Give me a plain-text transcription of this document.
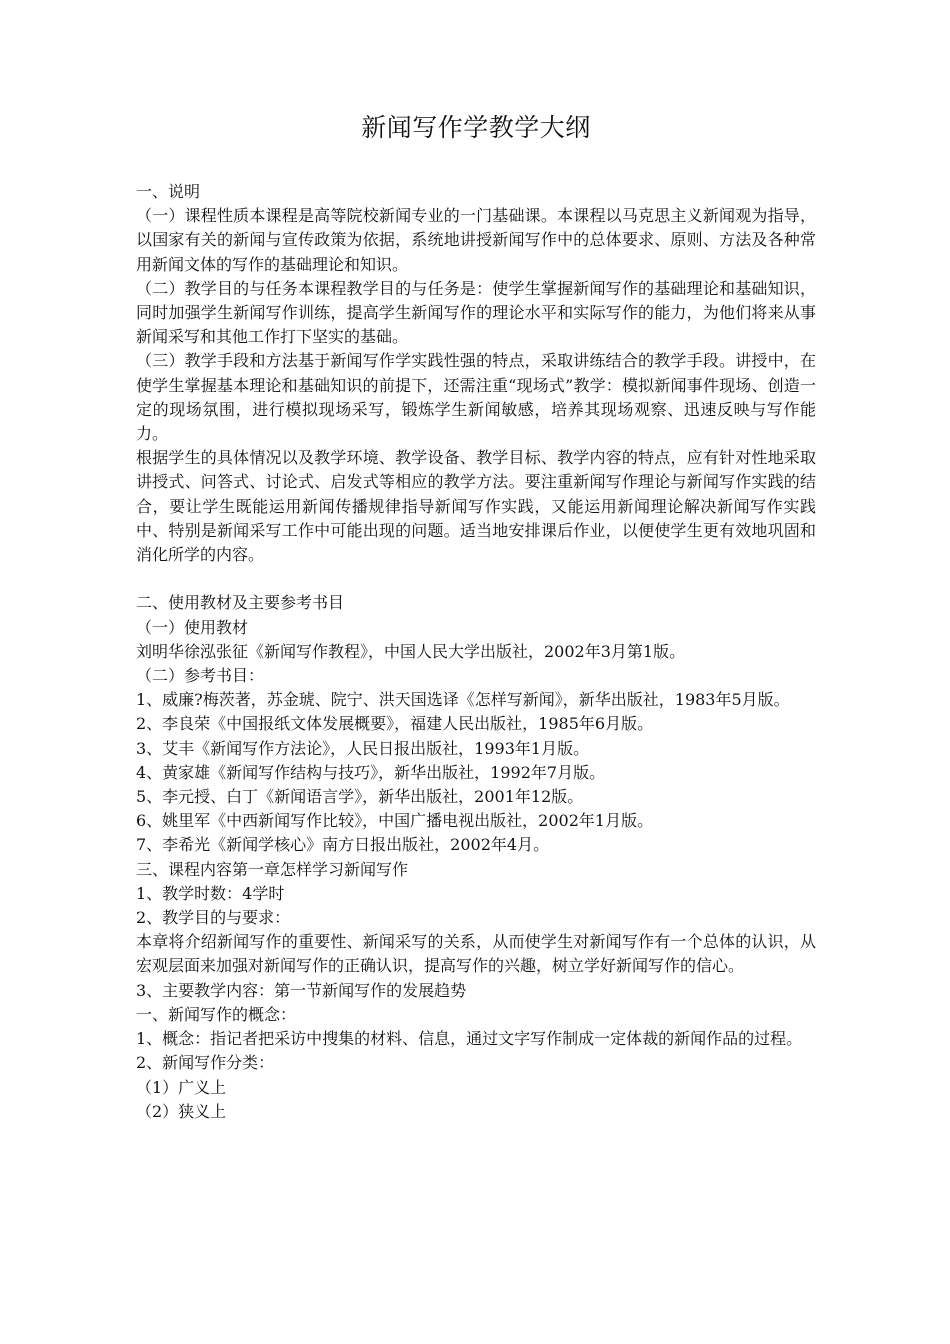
新闻写作学教学大纲

一、说明

（一）课程性质本课程是高等院校新闻专业的一门基础课。本课程以马克思主义新闻观为指导，以国家有关的新闻与宣传政策为依据，系统地讲授新闻写作中的总体要求、原则、方法及各种常用新闻文体的写作的基础理论和知识。

（二）教学目的与任务本课程教学目的与任务是：使学生掌握新闻写作的基础理论和基础知识，同时加强学生新闻写作训练，提高学生新闻写作的理论水平和实际写作的能力，为他们将来从事新闻采写和其他工作打下坚实的基础。

（三）教学手段和方法基于新闻写作学实践性强的特点，采取讲练结合的教学手段。讲授中，在使学生掌握基本理论和基础知识的前提下，还需注重“现场式”教学：模拟新闻事件现场、创造一定的现场氛围，进行模拟现场采写，锻炼学生新闻敏感，培养其现场观察、迅速反映与写作能力。

根据学生的具体情况以及教学环境、教学设备、教学目标、教学内容的特点，应有针对性地采取讲授式、问答式、讨论式、启发式等相应的教学方法。要注重新闻写作理论与新闻写作实践的结合，要让学生既能运用新闻传播规律指导新闻写作实践，又能运用新闻理论解决新闻写作实践中、特别是新闻采写工作中可能出现的问题。适当地安排课后作业，以便使学生更有效地巩固和消化所学的内容。

二、使用教材及主要参考书目

（一）使用教材

刘明华徐泓张征《新闻写作教程》，中国人民大学出版社，2002年3月第1版。

（二）参考书目：

1、威廉?梅茨著，苏金琥、院宁、洪天国选译《怎样写新闻》，新华出版社，1983年5月版。

2、李良荣《中国报纸文体发展概要》，福建人民出版社，1985年6月版。

3、艾丰《新闻写作方法论》，人民日报出版社，1993年1月版。

4、黄家雄《新闻写作结构与技巧》，新华出版社，1992年7月版。

5、李元授、白丁《新闻语言学》，新华出版社，2001年12版。

6、姚里军《中西新闻写作比较》，中国广播电视出版社，2002年1月版。

7、李希光《新闻学核心》南方日报出版社，2002年4月。

三、课程内容第一章怎样学习新闻写作

1、教学时数：4学时

2、教学目的与要求：

本章将介绍新闻写作的重要性、新闻采写的关系，从而使学生对新闻写作有一个总体的认识，从宏观层面来加强对新闻写作的正确认识，提高写作的兴趣，树立学好新闻写作的信心。

3、主要教学内容：第一节新闻写作的发展趋势

一、新闻写作的概念：

1、概念：指记者把采访中搜集的材料、信息，通过文字写作制成一定体裁的新闻作品的过程。

2、新闻写作分类：

（1）广义上

（2）狭义上
